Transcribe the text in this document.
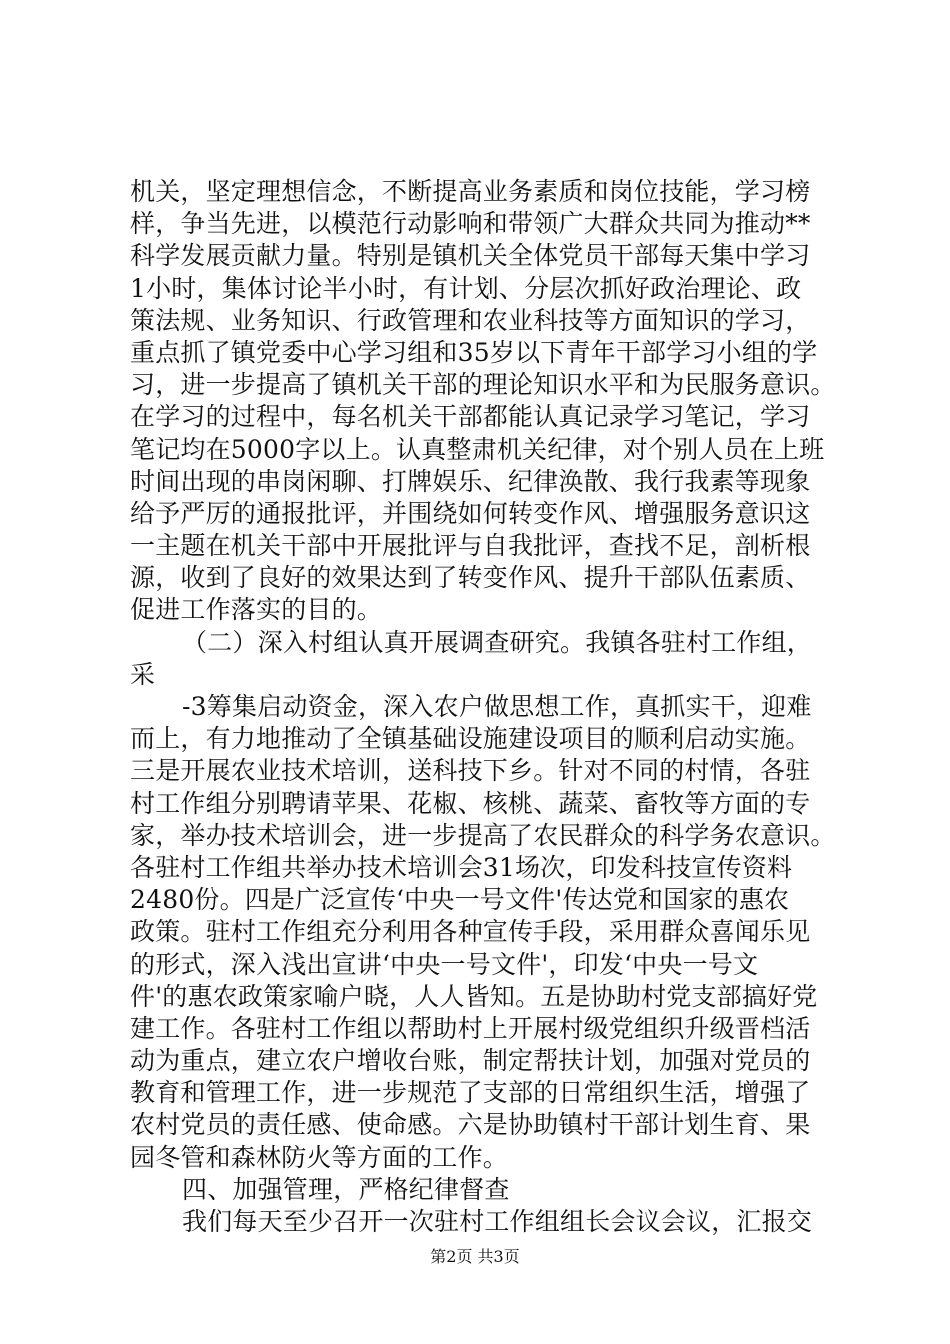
机关，坚定理想信念，不断提高业务素质和岗位技能，学习榜
样，争当先进，以模范行动影响和带领广大群众共同为推动**
科学发展贡献力量。特别是镇机关全体党员干部每天集中学习
1小时，集体讨论半小时，有计划、分层次抓好政治理论、政
策法规、业务知识、行政管理和农业科技等方面知识的学习，
重点抓了镇党委中心学习组和35岁以下青年干部学习小组的学
习，进一步提高了镇机关干部的理论知识水平和为民服务意识。
在学习的过程中，每名机关干部都能认真记录学习笔记，学习
笔记均在5000字以上。认真整肃机关纪律，对个别人员在上班
时间出现的串岗闲聊、打牌娱乐、纪律涣散、我行我素等现象
给予严厉的通报批评，并围绕如何转变作风、增强服务意识这
一主题在机关干部中开展批评与自我批评，查找不足，剖析根
源，收到了良好的效果达到了转变作风、提升干部队伍素质、
促进工作落实的目的。
（二）深入村组认真开展调查研究。我镇各驻村工作组，
采
-3筹集启动资金，深入农户做思想工作，真抓实干，迎难
而上，有力地推动了全镇基础设施建设项目的顺利启动实施。
三是开展农业技术培训，送科技下乡。针对不同的村情，各驻
村工作组分别聘请苹果、花椒、核桃、蔬菜、畜牧等方面的专
家，举办技术培训会，进一步提高了农民群众的科学务农意识。
各驻村工作组共举办技术培训会31场次，印发科技宣传资料
2480份。四是广泛宣传‘中央一号文件'传达党和国家的惠农
政策。驻村工作组充分利用各种宣传手段，采用群众喜闻乐见
的形式，深入浅出宣讲‘中央一号文件'，印发‘中央一号文
件'的惠农政策家喻户晓，人人皆知。五是协助村党支部搞好党
建工作。各驻村工作组以帮助村上开展村级党组织升级晋档活
动为重点，建立农户增收台账，制定帮扶计划，加强对党员的
教育和管理工作，进一步规范了支部的日常组织生活，增强了
农村党员的责任感、使命感。六是协助镇村干部计划生育、果
园冬管和森林防火等方面的工作。
四、加强管理，严格纪律督查
我们每天至少召开一次驻村工作组组长会议会议，汇报交
第2页 共3页
